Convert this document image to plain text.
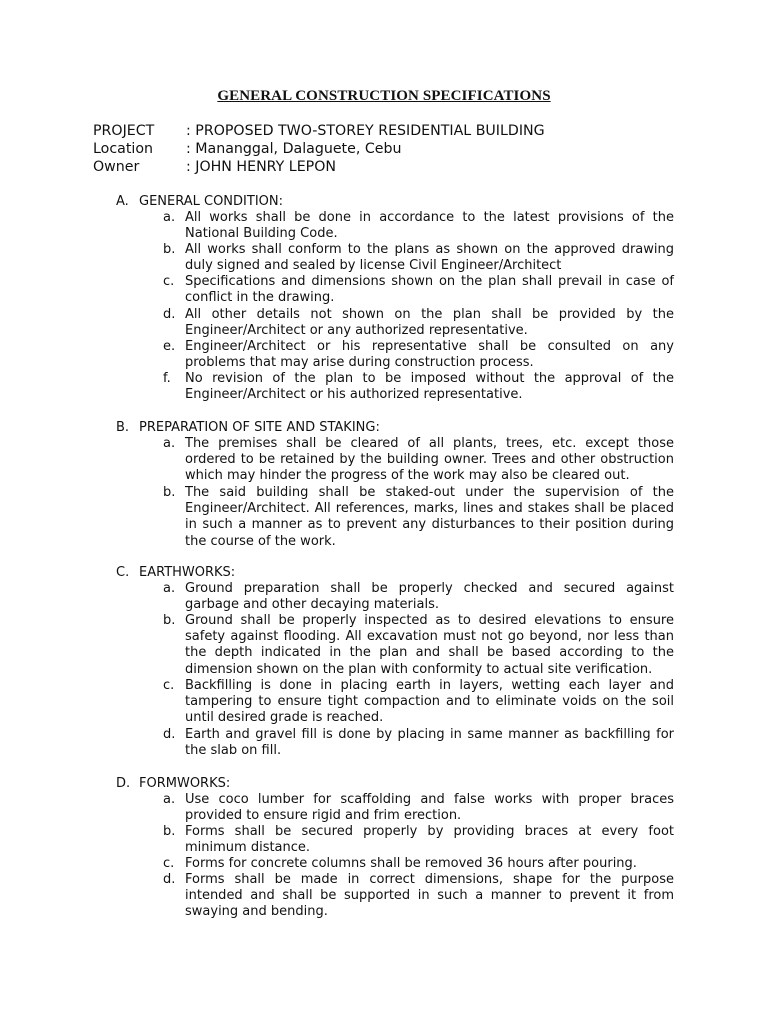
GENERAL CONSTRUCTION SPECIFICATIONS
PROJECT	: PROPOSED TWO-STOREY RESIDENTIAL BUILDING
Location	: Mananggal, Dalaguete, Cebu
Owner	: JOHN HENRY LEPON
A. GENERAL CONDITION:
a. All works shall be done in accordance to the latest provisions of the National Building Code.
b. All works shall conform to the plans as shown on the approved drawing duly signed and sealed by license Civil Engineer/Architect
c. Specifications and dimensions shown on the plan shall prevail in case of conflict in the drawing.
d. All other details not shown on the plan shall be provided by the Engineer/Architect or any authorized representative.
e. Engineer/Architect or his representative shall be consulted on any problems that may arise during construction process.
f. No revision of the plan to be imposed without the approval of the Engineer/Architect or his authorized representative.
B. PREPARATION OF SITE AND STAKING:
a. The premises shall be cleared of all plants, trees, etc. except those ordered to be retained by the building owner. Trees and other obstruction which may hinder the progress of the work may also be cleared out.
b. The said building shall be staked-out under the supervision of the Engineer/Architect. All references, marks, lines and stakes shall be placed in such a manner as to prevent any disturbances to their position during the course of the work.
C. EARTHWORKS:
a. Ground preparation shall be properly checked and secured against garbage and other decaying materials.
b. Ground shall be properly inspected as to desired elevations to ensure safety against flooding. All excavation must not go beyond, nor less than the depth indicated in the plan and shall be based according to the dimension shown on the plan with conformity to actual site verification.
c. Backfilling is done in placing earth in layers, wetting each layer and tampering to ensure tight compaction and to eliminate voids on the soil until desired grade is reached.
d. Earth and gravel fill is done by placing in same manner as backfilling for the slab on fill.
D. FORMWORKS:
a. Use coco lumber for scaffolding and false works with proper braces provided to ensure rigid and frim erection.
b. Forms shall be secured properly by providing braces at every foot minimum distance.
c. Forms for concrete columns shall be removed 36 hours after pouring.
d. Forms shall be made in correct dimensions, shape for the purpose intended and shall be supported in such a manner to prevent it from swaying and bending.
